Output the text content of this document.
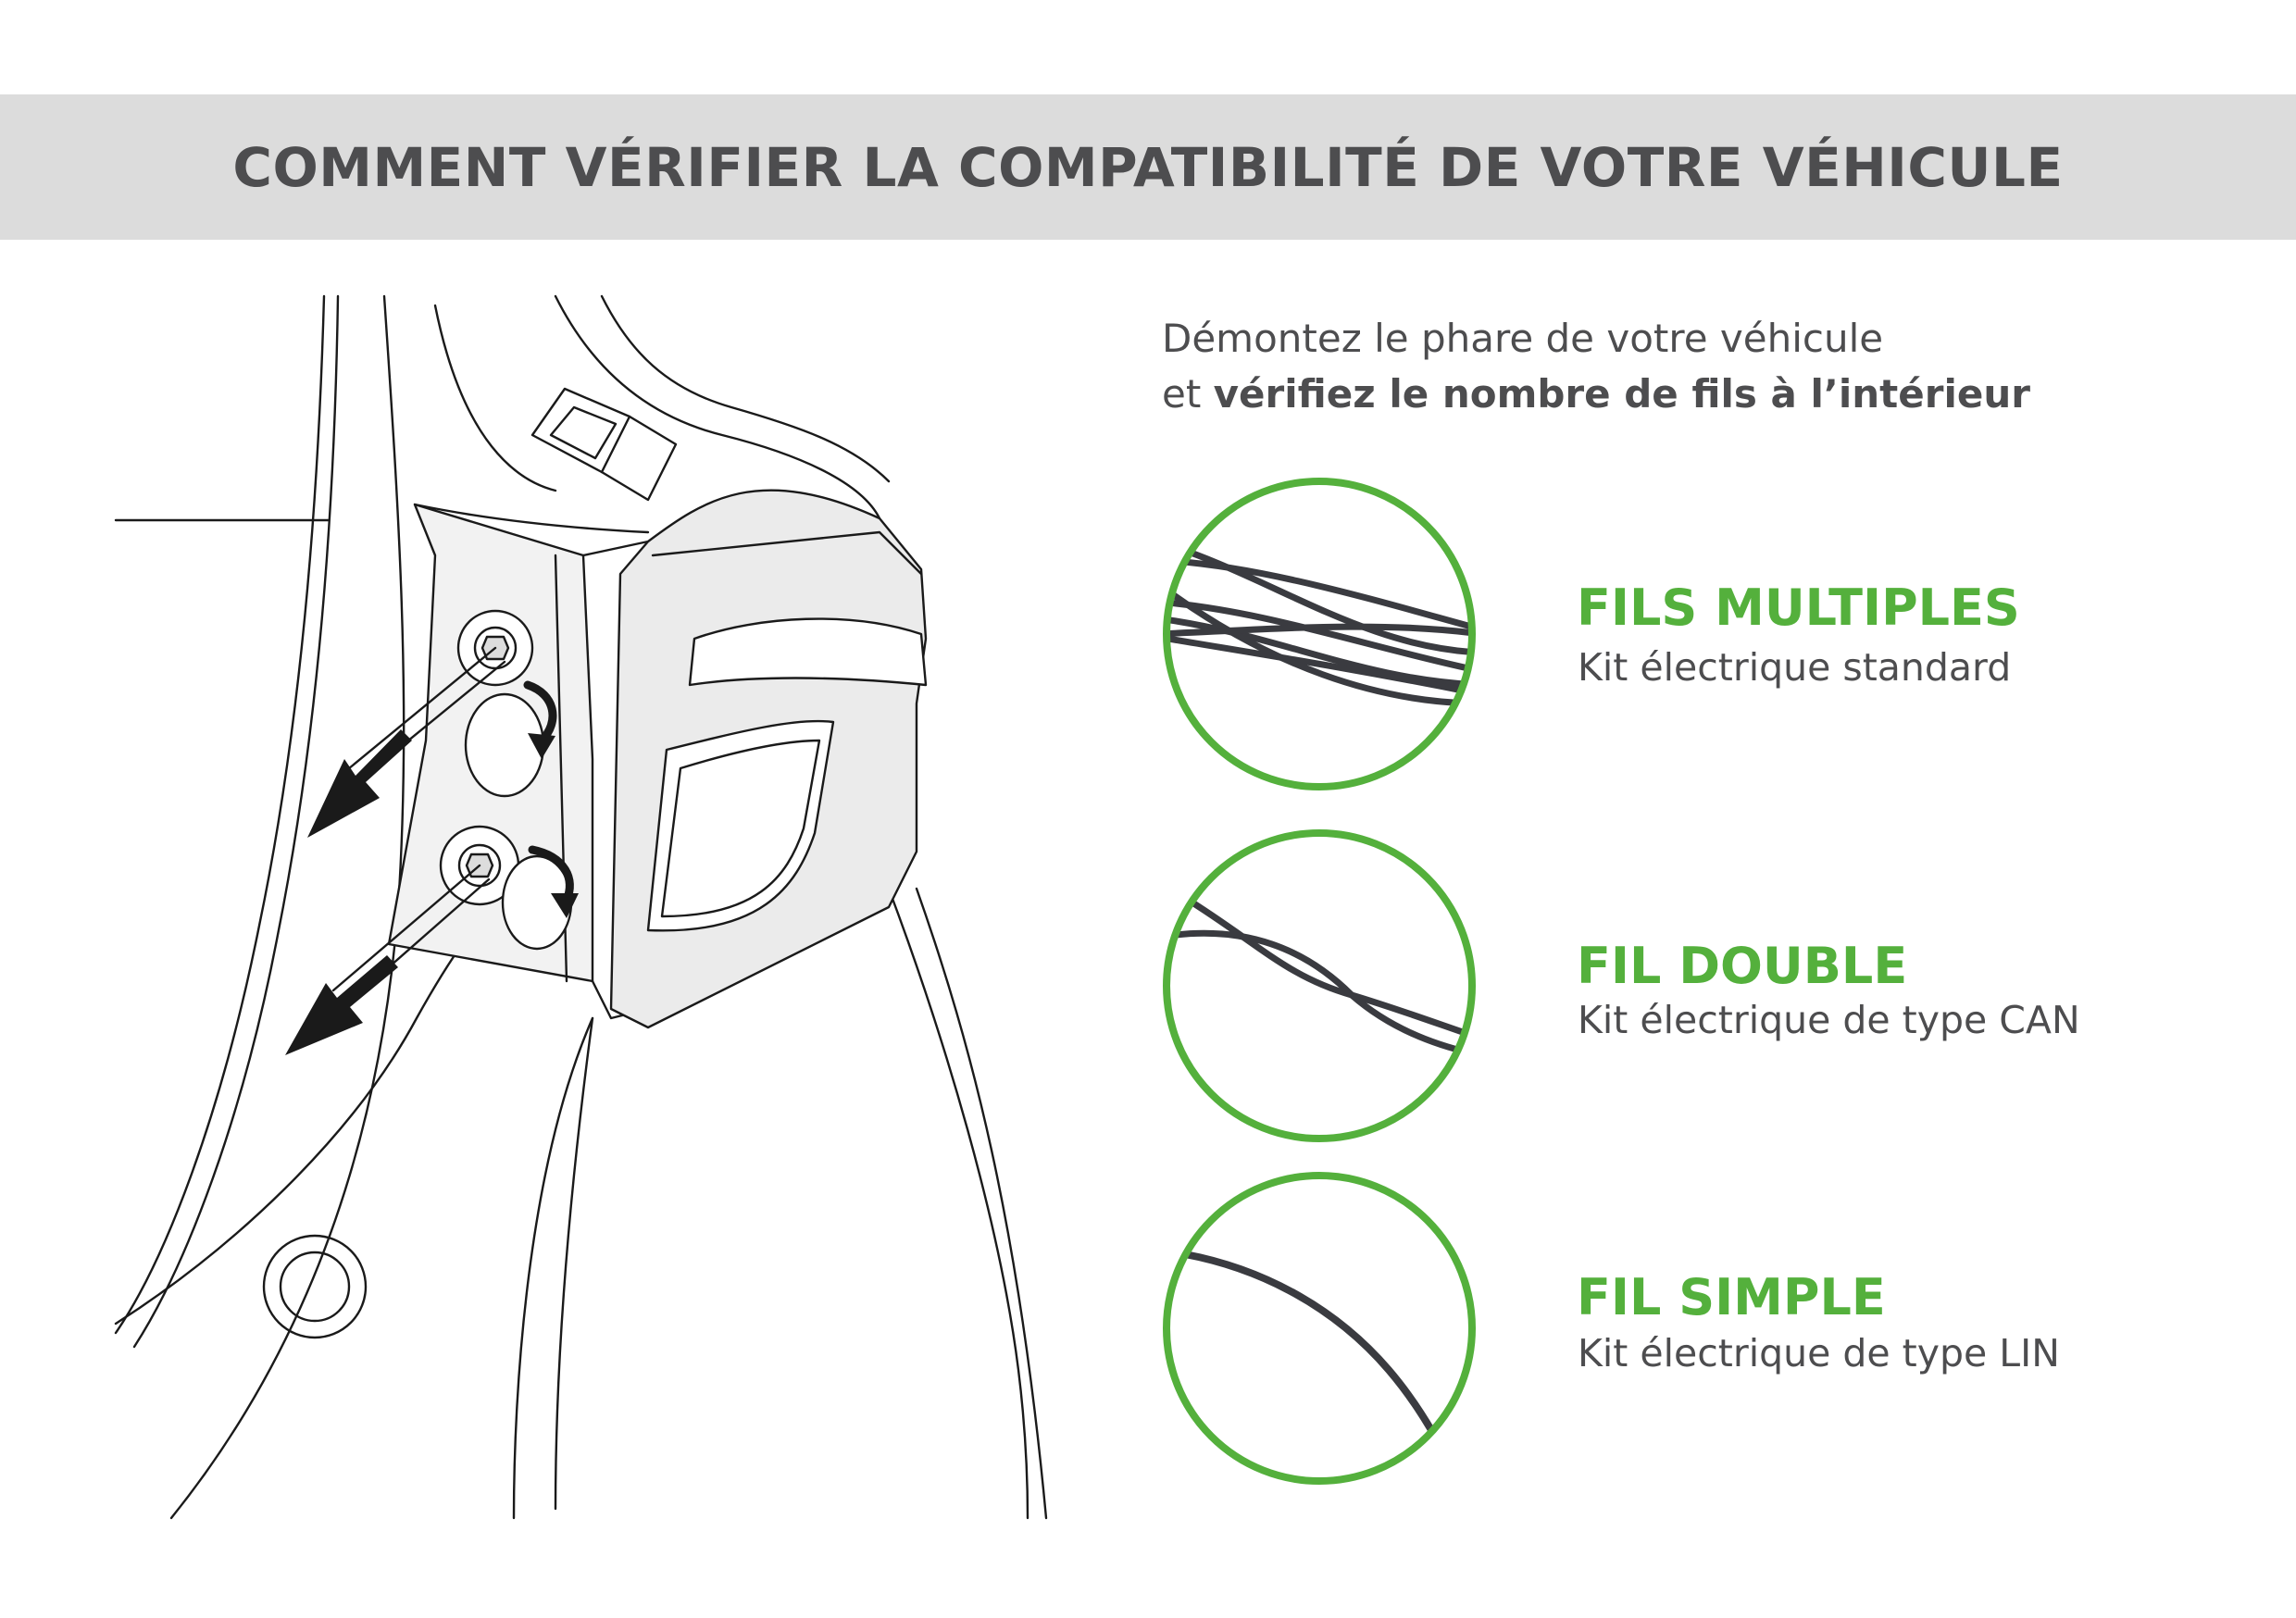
COMMENT VÉRIFIER LA COMPATIBILITÉ DE VOTRE VÉHICULE
Démontez le phare de votre véhicule
et vérifiez le nombre de fils à l’intérieur
FILS MULTIPLES
Kit électrique standard
FIL DOUBLE
Kit électrique de type CAN
FIL SIMPLE
Kit électrique de type LIN
